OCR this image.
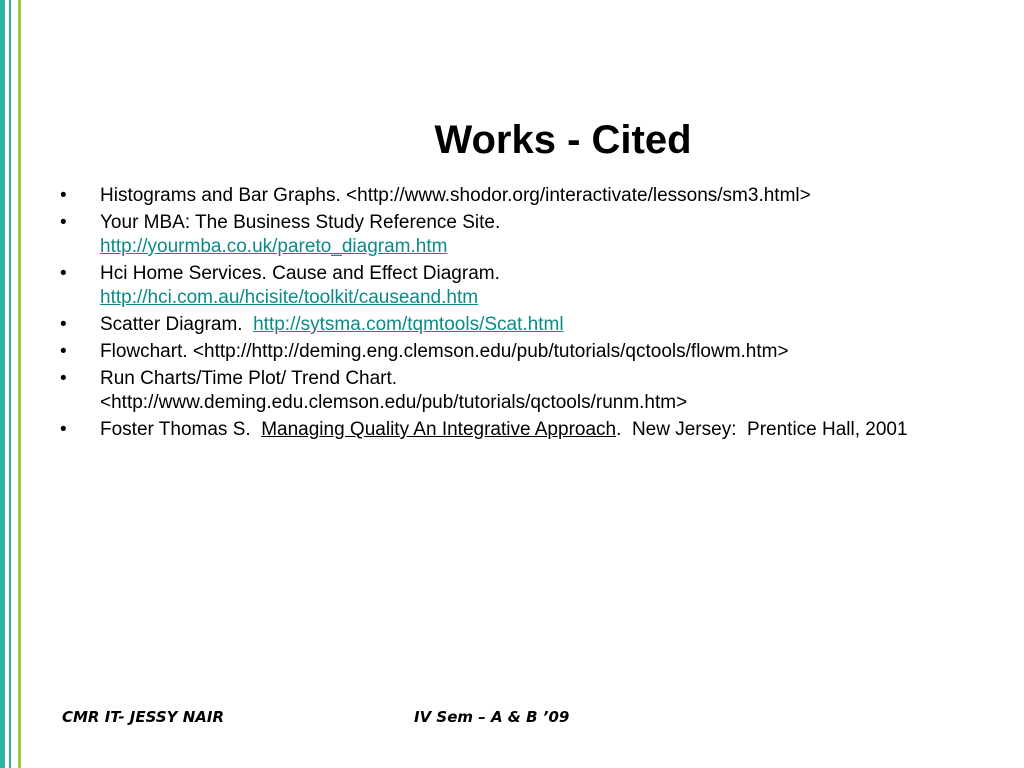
Works - Cited
• Histograms and Bar Graphs. <http://www.shodor.org/interactivate/lessons/sm3.html>
• Your MBA: The Business Study Reference Site.
http://yourmba.co.uk/pareto_diagram.htm
• Hci Home Services. Cause and Effect Diagram.
http://hci.com.au/hcisite/toolkit/causeand.htm
• Scatter Diagram.  http://sytsma.com/tqmtools/Scat.html
• Flowchart. <http://http://deming.eng.clemson.edu/pub/tutorials/qctools/flowm.htm>
• Run Charts/Time Plot/ Trend Chart.
<http://www.deming.edu.clemson.edu/pub/tutorials/qctools/runm.htm>
• Foster Thomas S.  Managing Quality An Integrative Approach.  New Jersey:  Prentice Hall, 2001
CMR IT- JESSY NAIR	IV Sem – A & B ’09
